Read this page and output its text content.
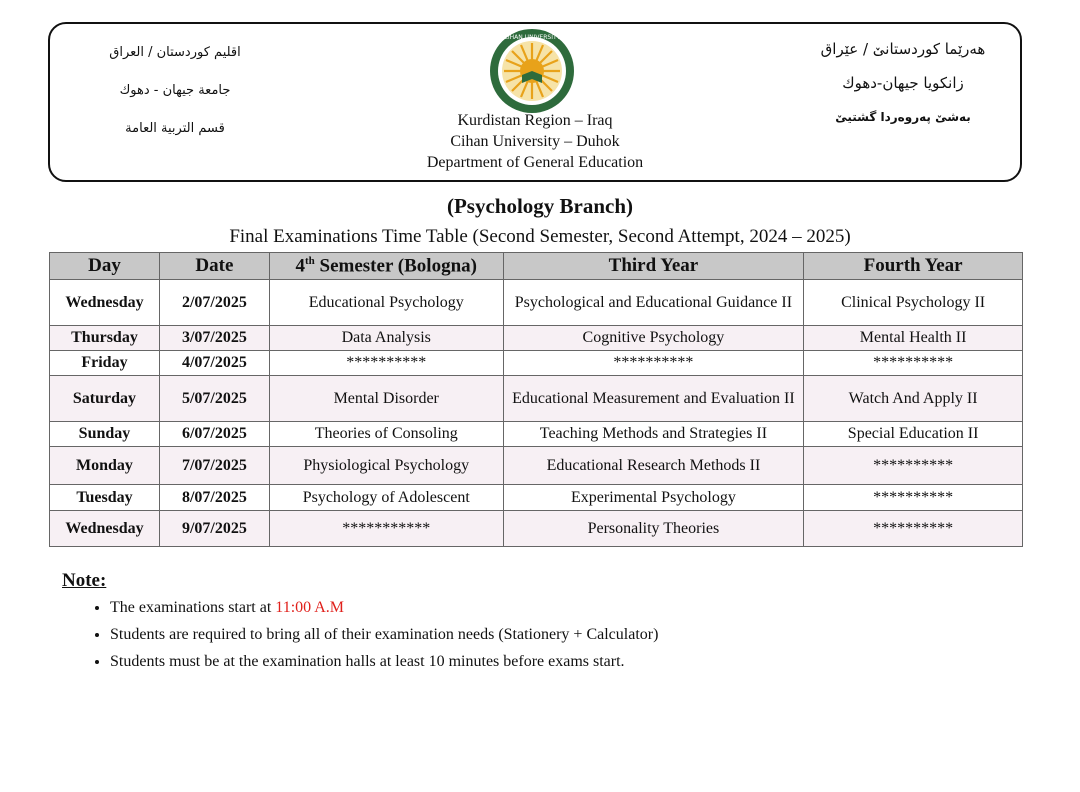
اقليم كوردستان / العراق
جامعة جيهان - دهوك
قسم التربية العامة
CIHAN UNIVERSITY
Kurdistan Region – Iraq
Cihan University – Duhok
Department of General Education
هەرێما کوردستانێ / عێراق
زانكويا جيهان-دهوك
بەشێ پەروەردا گشتیێ
(Psychology Branch)
Final Examinations Time Table (Second Semester, Second Attempt, 2024 – 2025)
Day	Date	4th Semester (Bologna)	Third Year	Fourth Year
Wednesday	2/07/2025	Educational Psychology	Psychological and Educational Guidance II	Clinical Psychology II
Thursday	3/07/2025	Data Analysis	Cognitive Psychology	Mental Health II
Friday	4/07/2025	**********	**********	**********
Saturday	5/07/2025	Mental Disorder	Educational Measurement and Evaluation II	Watch And Apply II
Sunday	6/07/2025	Theories of Consoling	Teaching Methods and Strategies II	Special Education II
Monday	7/07/2025	Physiological Psychology	Educational Research Methods II	**********
Tuesday	8/07/2025	Psychology of Adolescent	Experimental Psychology	**********
Wednesday	9/07/2025	***********	Personality Theories	**********
Note:
• The examinations start at 11:00 A.M
• Students are required to bring all of their examination needs (Stationery + Calculator)
• Students must be at the examination halls at least 10 minutes before exams start.
